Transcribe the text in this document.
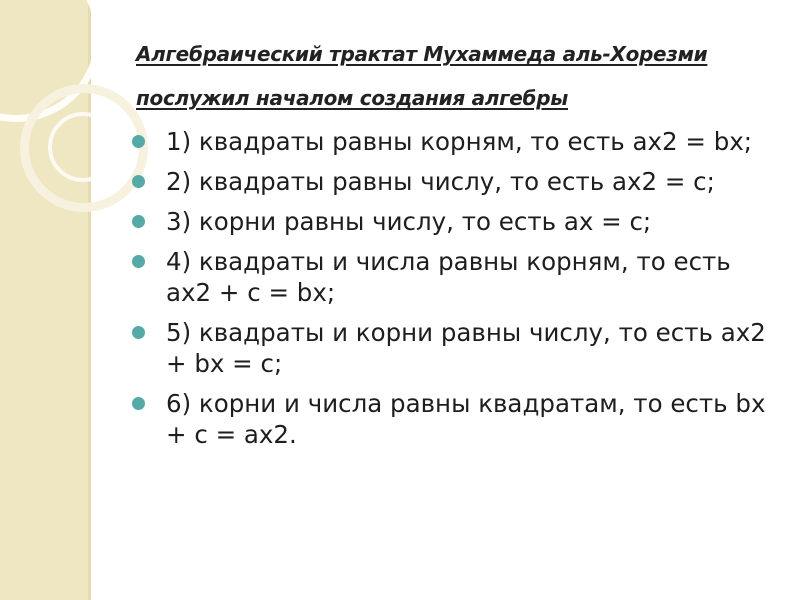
Алгебраический трактат Мухаммеда аль-Хорезми
послужил началом создания алгебры
1) квадраты равны корням, то есть ах2 = bх;
2) квадраты равны числу, то есть ах2 = с;
3) корни равны числу, то есть ах = с;
4) квадраты и числа равны корням, то есть ах2 + с = bх;
5) квадраты и корни равны числу, то есть ах2 + bх = с;
6) корни и числа равны квадратам, то есть bх + с = ах2.
